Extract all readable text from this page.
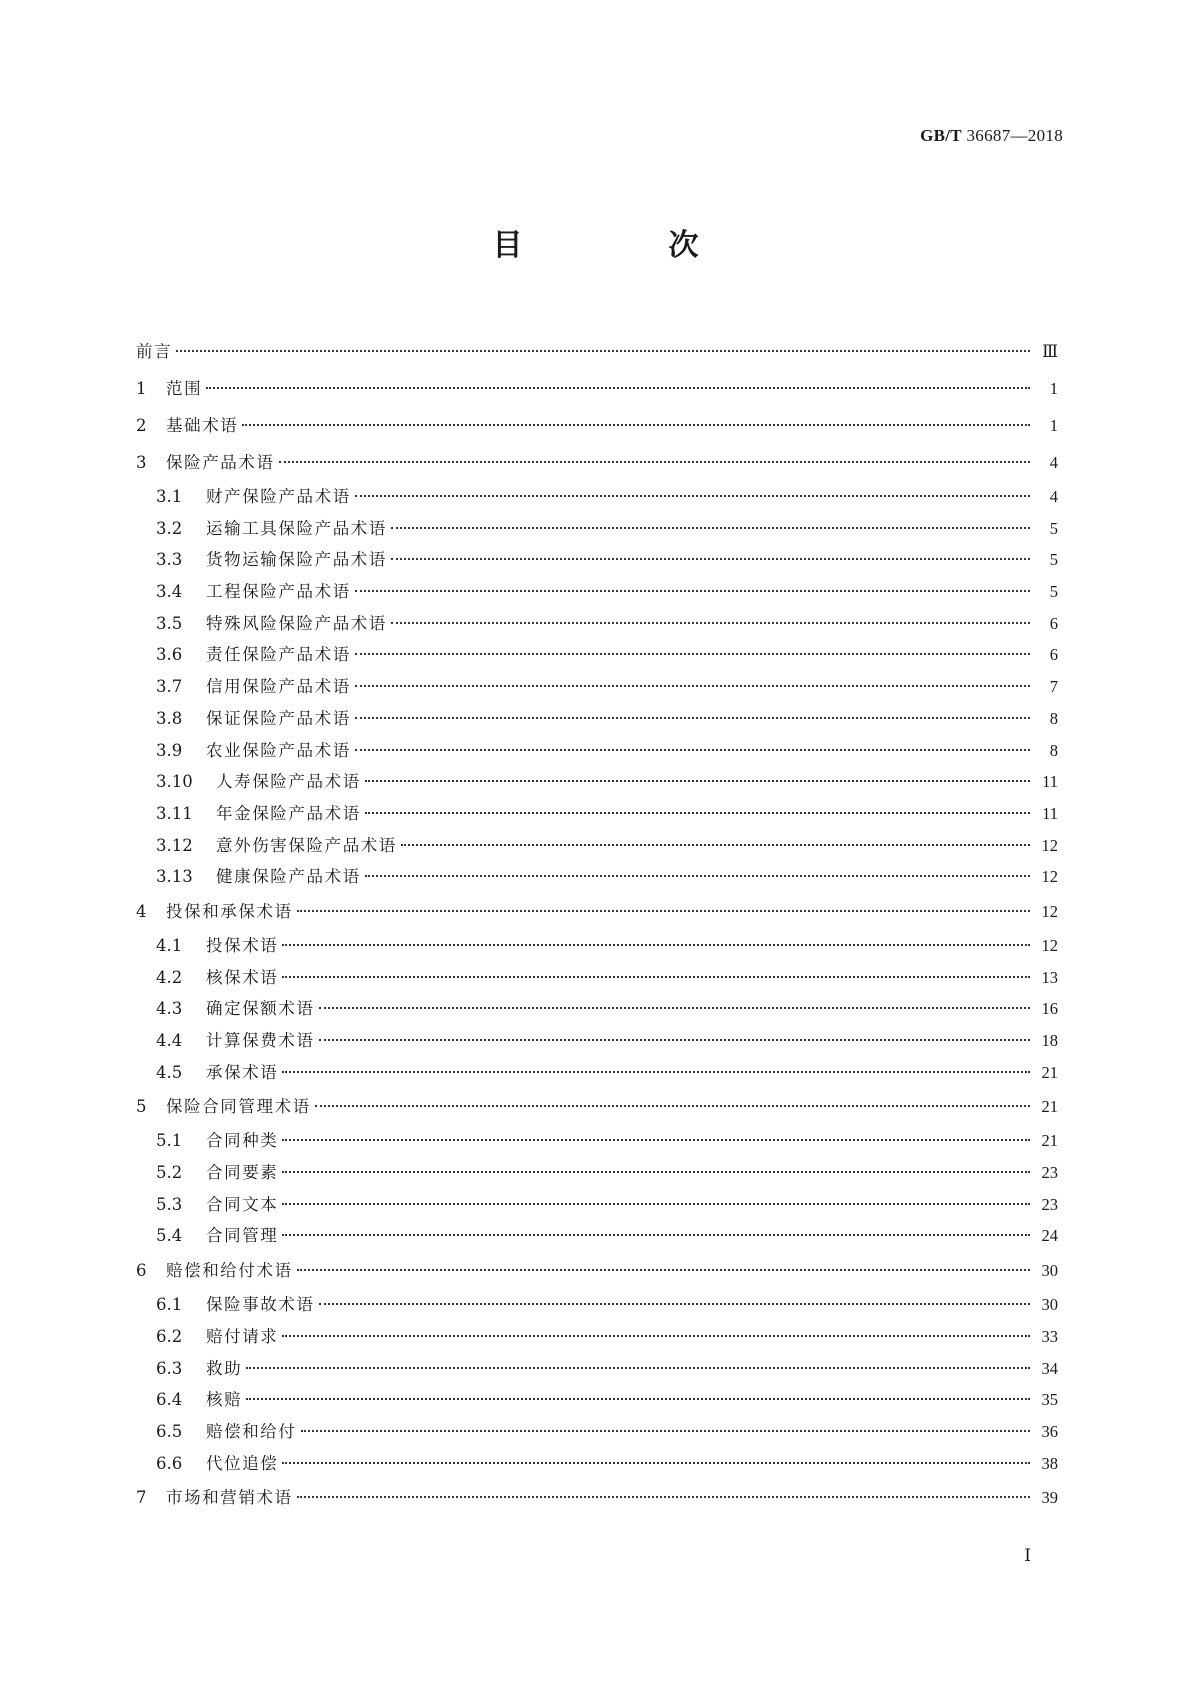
GB/T 36687—2018
目　次
前言	Ⅲ
1	范围	1
2	基础术语	1
3	保险产品术语	4
3.1	财产保险产品术语	4
3.2	运输工具保险产品术语	5
3.3	货物运输保险产品术语	5
3.4	工程保险产品术语	5
3.5	特殊风险保险产品术语	6
3.6	责任保险产品术语	6
3.7	信用保险产品术语	7
3.8	保证保险产品术语	8
3.9	农业保险产品术语	8
3.10	人寿保险产品术语	11
3.11	年金保险产品术语	11
3.12	意外伤害保险产品术语	12
3.13	健康保险产品术语	12
4	投保和承保术语	12
4.1	投保术语	12
4.2	核保术语	13
4.3	确定保额术语	16
4.4	计算保费术语	18
4.5	承保术语	21
5	保险合同管理术语	21
5.1	合同种类	21
5.2	合同要素	23
5.3	合同文本	23
5.4	合同管理	24
6	赔偿和给付术语	30
6.1	保险事故术语	30
6.2	赔付请求	33
6.3	救助	34
6.4	核赔	35
6.5	赔偿和给付	36
6.6	代位追偿	38
7	市场和营销术语	39
Ⅰ
